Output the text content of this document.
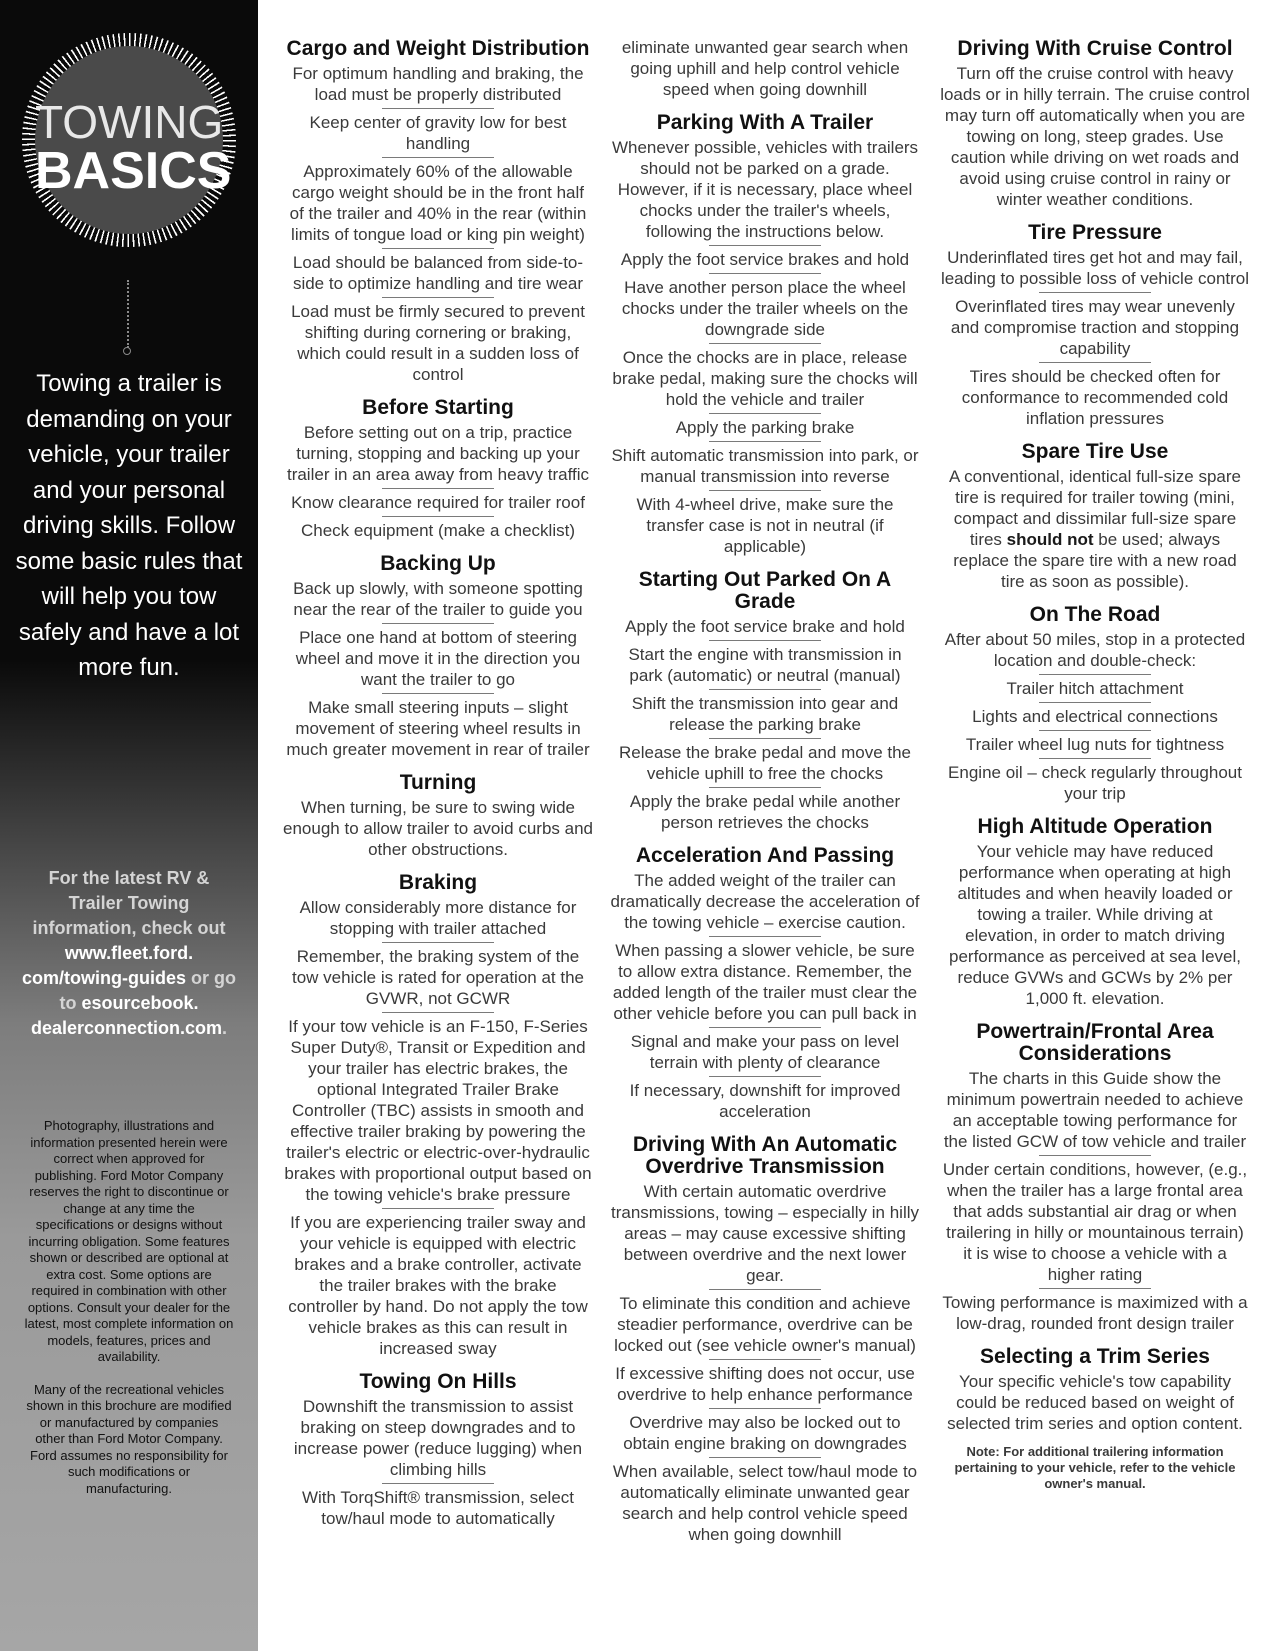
TOWING
BASICS
Towing a trailer is demanding on your vehicle, your trailer and your personal driving skills. Follow some basic rules that will help you tow safely and have a lot more fun.
For the latest RV & Trailer Towing information, check out www.fleet.ford. com/towing-guides or go to esourcebook. dealerconnection.com.

Photography, illustrations and information presented herein were correct when approved for publishing. Ford Motor Company reserves the right to discontinue or change at any time the specifications or designs without incurring obligation. Some features shown or described are optional at extra cost. Some options are required in combination with other options. Consult your dealer for the latest, most complete information on models, features, prices and availability.

Many of the recreational vehicles shown in this brochure are modified or manufactured by companies other than Ford Motor Company. Ford assumes no responsibility for such modifications or manufacturing.

Cargo and Weight Distribution
For optimum handling and braking, the load must be properly distributed
Keep center of gravity low for best handling
Approximately 60% of the allowable cargo weight should be in the front half of the trailer and 40% in the rear (within limits of tongue load or king pin weight)
Load should be balanced from side-to-side to optimize handling and tire wear
Load must be firmly secured to prevent shifting during cornering or braking, which could result in a sudden loss of control
Before Starting
Before setting out on a trip, practice turning, stopping and backing up your trailer in an area away from heavy traffic
Know clearance required for trailer roof
Check equipment (make a checklist)
Backing Up
Back up slowly, with someone spotting near the rear of the trailer to guide you
Place one hand at bottom of steering wheel and move it in the direction you want the trailer to go
Make small steering inputs – slight movement of steering wheel results in much greater movement in rear of trailer
Turning
When turning, be sure to swing wide enough to allow trailer to avoid curbs and other obstructions.
Braking
Allow considerably more distance for stopping with trailer attached
Remember, the braking system of the tow vehicle is rated for operation at the GVWR, not GCWR
If your tow vehicle is an F-150, F-Series Super Duty®, Transit or Expedition and your trailer has electric brakes, the optional Integrated Trailer Brake Controller (TBC) assists in smooth and effective trailer braking by powering the trailer's electric or electric-over-hydraulic brakes with proportional output based on the towing vehicle's brake pressure
If you are experiencing trailer sway and your vehicle is equipped with electric brakes and a brake controller, activate the trailer brakes with the brake controller by hand. Do not apply the tow vehicle brakes as this can result in increased sway
Towing On Hills
Downshift the transmission to assist braking on steep downgrades and to increase power (reduce lugging) when climbing hills
With TorqShift® transmission, select tow/haul mode to automatically
eliminate unwanted gear search when going uphill and help control vehicle speed when going downhill
Parking With A Trailer
Whenever possible, vehicles with trailers should not be parked on a grade. However, if it is necessary, place wheel chocks under the trailer's wheels, following the instructions below.
Apply the foot service brakes and hold
Have another person place the wheel chocks under the trailer wheels on the downgrade side
Once the chocks are in place, release brake pedal, making sure the chocks will hold the vehicle and trailer
Apply the parking brake
Shift automatic transmission into park, or manual transmission into reverse
With 4-wheel drive, make sure the transfer case is not in neutral (if applicable)
Starting Out Parked On A Grade
Apply the foot service brake and hold
Start the engine with transmission in park (automatic) or neutral (manual)
Shift the transmission into gear and release the parking brake
Release the brake pedal and move the vehicle uphill to free the chocks
Apply the brake pedal while another person retrieves the chocks
Acceleration And Passing
The added weight of the trailer can dramatically decrease the acceleration of the towing vehicle – exercise caution.
When passing a slower vehicle, be sure to allow extra distance. Remember, the added length of the trailer must clear the other vehicle before you can pull back in
Signal and make your pass on level terrain with plenty of clearance
If necessary, downshift for improved acceleration
Driving With An Automatic Overdrive Transmission
With certain automatic overdrive transmissions, towing – especially in hilly areas – may cause excessive shifting between overdrive and the next lower gear.
To eliminate this condition and achieve steadier performance, overdrive can be locked out (see vehicle owner's manual)
If excessive shifting does not occur, use overdrive to help enhance performance
Overdrive may also be locked out to obtain engine braking on downgrades
When available, select tow/haul mode to automatically eliminate unwanted gear search and help control vehicle speed when going downhill
Driving With Cruise Control
Turn off the cruise control with heavy loads or in hilly terrain. The cruise control may turn off automatically when you are towing on long, steep grades. Use caution while driving on wet roads and avoid using cruise control in rainy or winter weather conditions.
Tire Pressure
Underinflated tires get hot and may fail, leading to possible loss of vehicle control
Overinflated tires may wear unevenly and compromise traction and stopping capability
Tires should be checked often for conformance to recommended cold inflation pressures
Spare Tire Use
A conventional, identical full-size spare tire is required for trailer towing (mini, compact and dissimilar full-size spare tires should not be used; always replace the spare tire with a new road tire as soon as possible).
On The Road
After about 50 miles, stop in a protected location and double-check:
Trailer hitch attachment
Lights and electrical connections
Trailer wheel lug nuts for tightness
Engine oil – check regularly throughout your trip
High Altitude Operation
Your vehicle may have reduced performance when operating at high altitudes and when heavily loaded or towing a trailer. While driving at elevation, in order to match driving performance as perceived at sea level, reduce GVWs and GCWs by 2% per 1,000 ft. elevation.
Powertrain/Frontal Area Considerations
The charts in this Guide show the minimum powertrain needed to achieve an acceptable towing performance for the listed GCW of tow vehicle and trailer
Under certain conditions, however, (e.g., when the trailer has a large frontal area that adds substantial air drag or when trailering in hilly or mountainous terrain) it is wise to choose a vehicle with a higher rating
Towing performance is maximized with a low-drag, rounded front design trailer
Selecting a Trim Series
Your specific vehicle's tow capability could be reduced based on weight of selected trim series and option content.
Note: For additional trailering information pertaining to your vehicle, refer to the vehicle owner's manual.
